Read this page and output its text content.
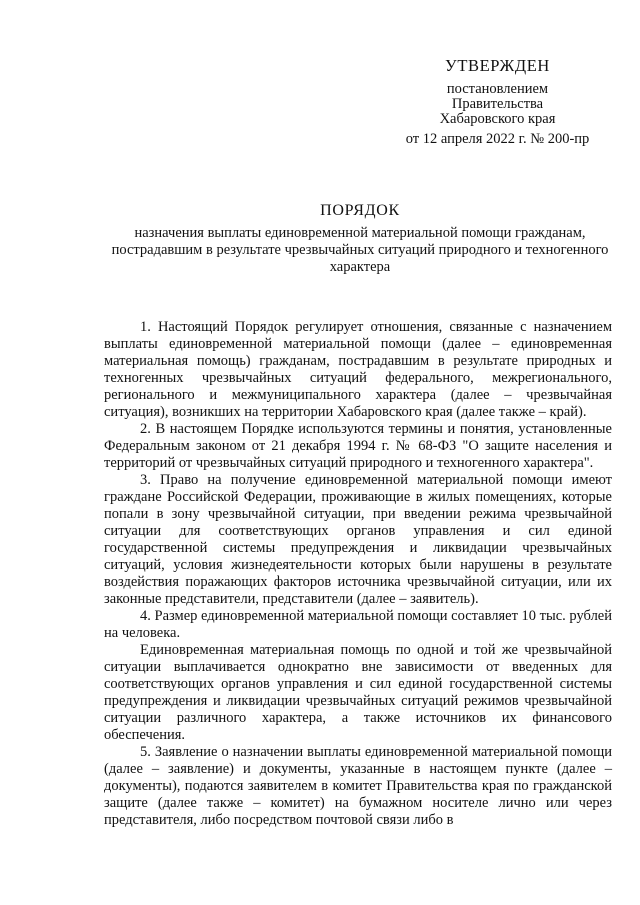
УТВЕРЖДЕН
постановлением
Правительства
Хабаровского края
от 12 апреля 2022 г. № 200-пр
ПОРЯДОК
назначения выплаты единовременной материальной помощи гражданам, пострадавшим в результате чрезвычайных ситуаций природного и техногенного характера

1. Настоящий Порядок регулирует отношения, связанные с назначением выплаты единовременной материальной помощи (далее – единовременная материальная помощь) гражданам, пострадавшим в результате природных и техногенных чрезвычайных ситуаций федерального, межрегионального, регионального и межмуниципального характера (далее – чрезвычайная ситуация), возникших на территории Хабаровского края (далее также – край).

2. В настоящем Порядке используются термины и понятия, установленные Федеральным законом от 21 декабря 1994 г. № 68-ФЗ "О защите населения и территорий от чрезвычайных ситуаций природного и техногенного характера".

3. Право на получение единовременной материальной помощи имеют граждане Российской Федерации, проживающие в жилых помещениях, которые попали в зону чрезвычайной ситуации, при введении режима чрезвычайной ситуации для соответствующих органов управления и сил единой государственной системы предупреждения и ликвидации чрезвычайных ситуаций, условия жизнедеятельности которых были нарушены в результате воздействия поражающих факторов источника чрезвычайной ситуации, или их законные представители, представители (далее – заявитель).

4. Размер единовременной материальной помощи составляет 10 тыс. рублей на человека.

Единовременная материальная помощь по одной и той же чрезвычайной ситуации выплачивается однократно вне зависимости от введенных для соответствующих органов управления и сил единой государственной системы предупреждения и ликвидации чрезвычайных ситуаций режимов чрезвычайной ситуации различного характера, а также источников их финансового обеспечения.

5. Заявление о назначении выплаты единовременной материальной помощи (далее – заявление) и документы, указанные в настоящем пункте (далее – документы), подаются заявителем в комитет Правительства края по гражданской защите (далее также – комитет) на бумажном носителе лично или через представителя, либо посредством почтовой связи либо в
